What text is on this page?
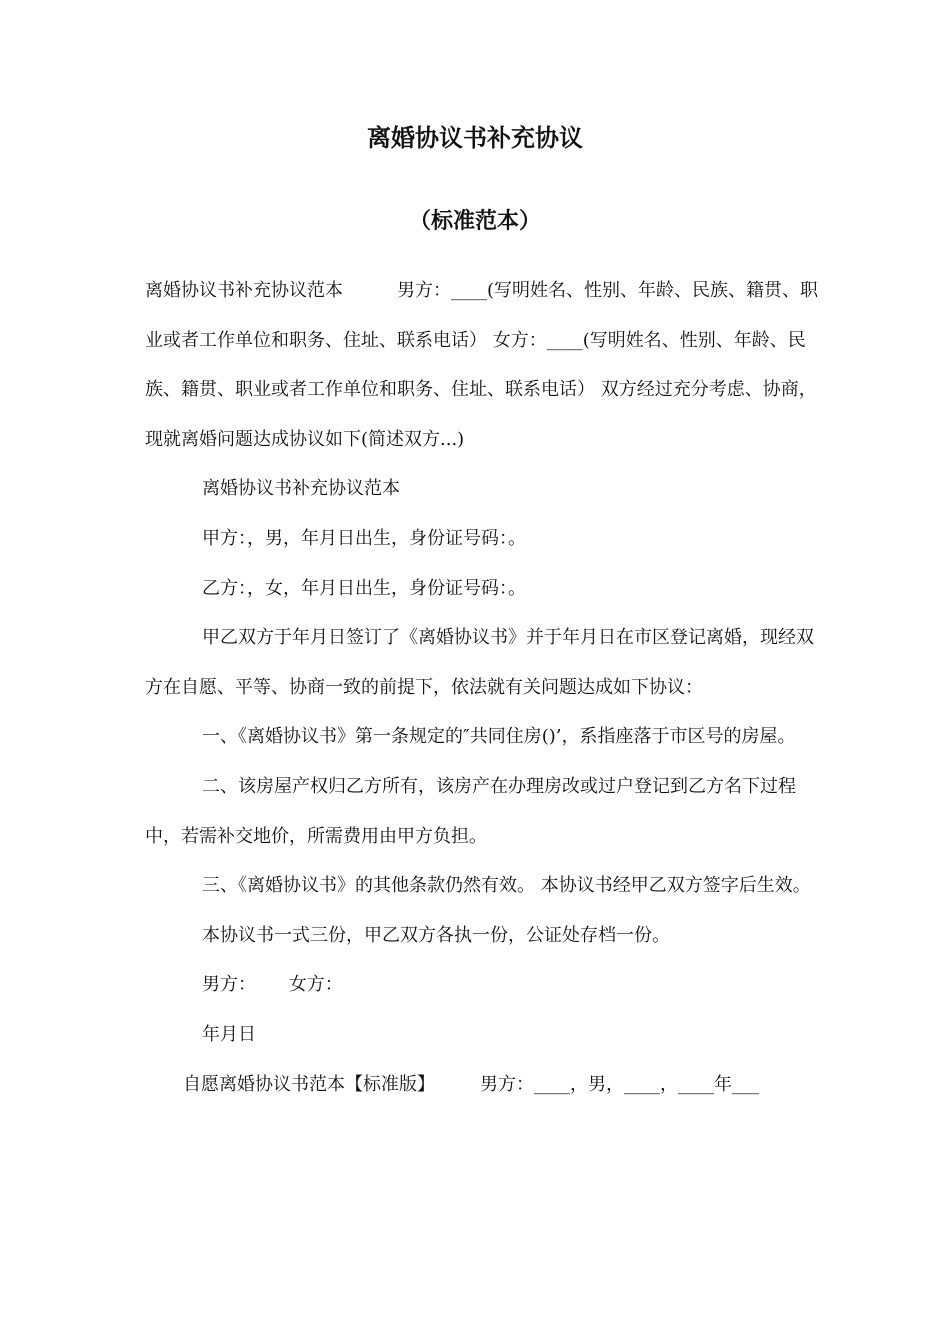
离婚协议书补充协议
（标准范本）

离婚协议书补充协议范本　　　男方：____(写明姓名、性别、年龄、民族、籍贯、职业或者工作单位和职务、住址、联系电话） 女方：____(写明姓名、性别、年龄、民族、籍贯、职业或者工作单位和职务、住址、联系电话） 双方经过充分考虑、协商，现就离婚问题达成协议如下(简述双方...)

离婚协议书补充协议范本

甲方：，男，年月日出生，身份证号码：。

乙方：，女，年月日出生，身份证号码：。

甲乙双方于年月日签订了《离婚协议书》并于年月日在市区登记离婚，现经双方在自愿、平等、协商一致的前提下，依法就有关问题达成如下协议：

一、《离婚协议书》第一条规定的″共同住房()’，系指座落于市区号的房屋。

二、该房屋产权归乙方所有，该房产在办理房改或过户登记到乙方名下过程中，若需补交地价，所需费用由甲方负担。

三、《离婚协议书》的其他条款仍然有效。 本协议书经甲乙双方签字后生效。

本协议书一式三份，甲乙双方各执一份，公证处存档一份。

男方：　　 女方：

年月日

自愿离婚协议书范本【标准版】　　　男方：____，男，____，____年___
